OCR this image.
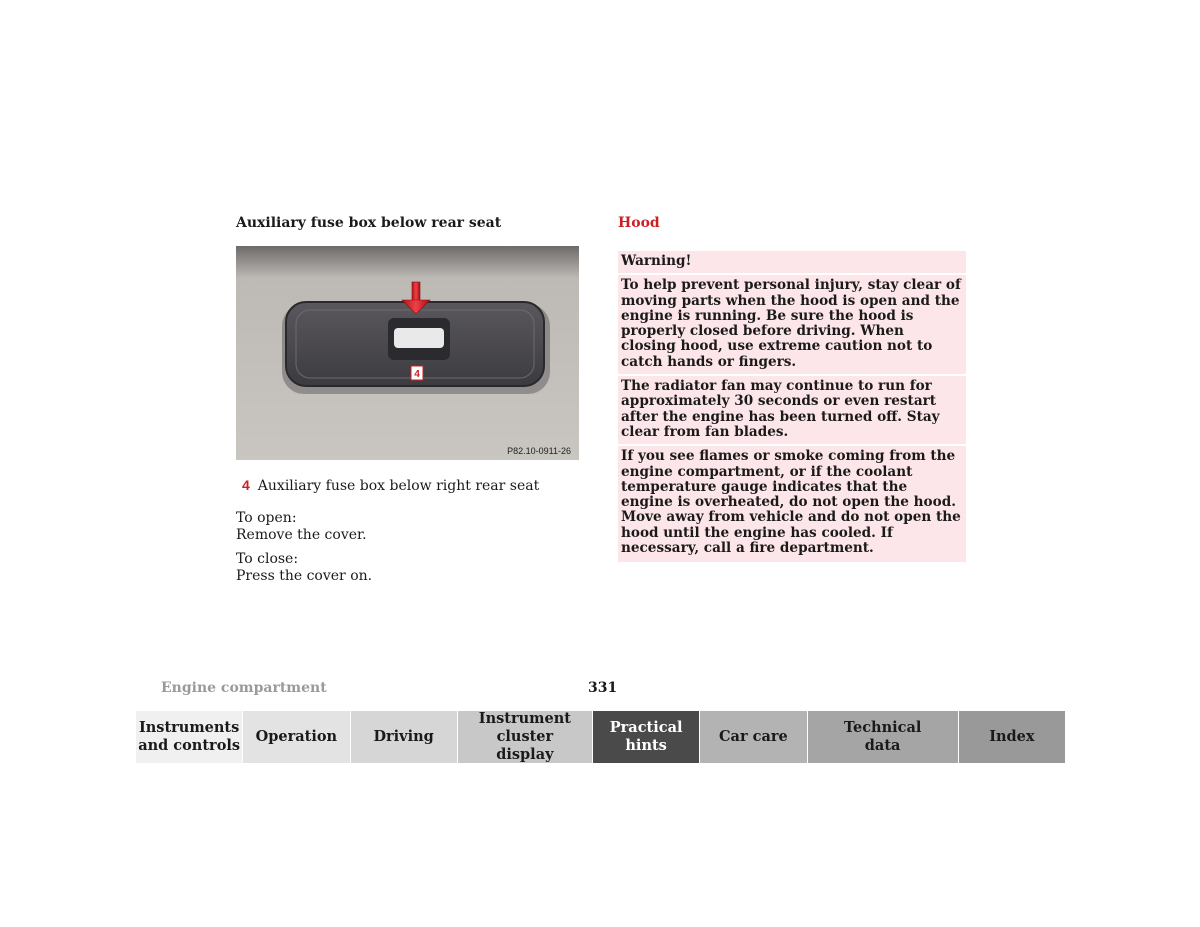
Auxiliary fuse box below rear seat	Hood
4
P82.10-0911-26
4 Auxiliary fuse box below right rear seat
To open:
Remove the cover.
To close:
Press the cover on.
Warning!
To help prevent personal injury, stay clear of moving parts when the hood is open and the engine is running. Be sure the hood is properly closed before driving. When closing hood, use extreme caution not to catch hands or fingers.
The radiator fan may continue to run for approximately 30 seconds or even restart after the engine has been turned off. Stay clear from fan blades.
If you see flames or smoke coming from the engine compartment, or if the coolant temperature gauge indicates that the engine is overheated, do not open the hood. Move away from vehicle and do not open the hood until the engine has cooled. If necessary, call a fire department.
Engine compartment	331
Instruments and controls
Operation	Driving
Instrument cluster display
Practical hints
Car care
Technical data
Index
